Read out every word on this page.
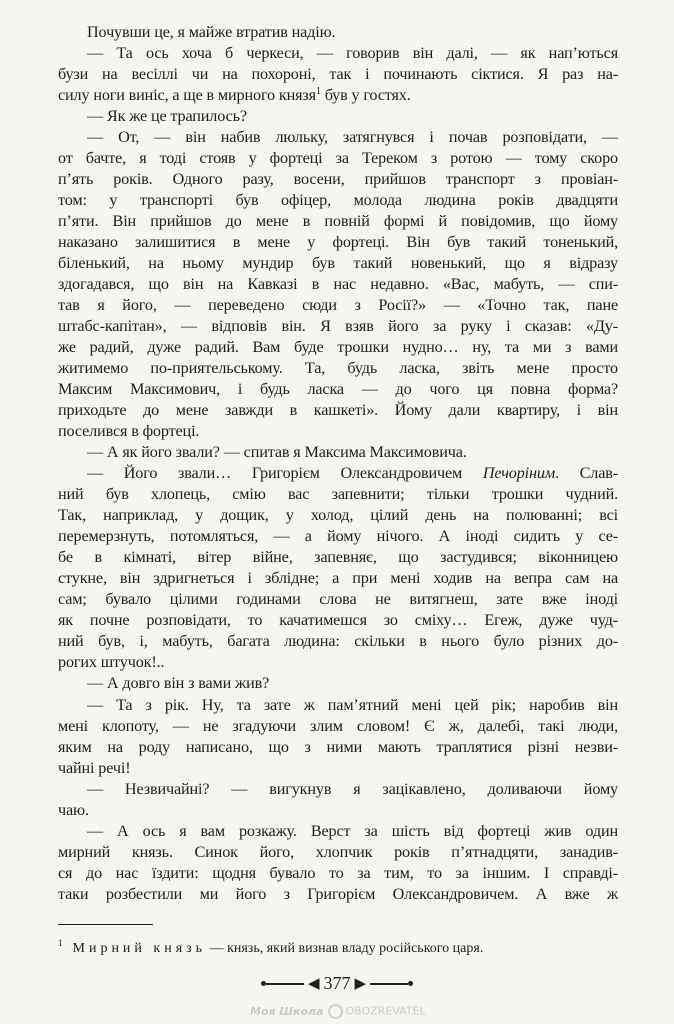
Моя Школа OBOZREVATEL
Почувши це, я майже втратив надію.
— Та ось хоча б черкеси, — говорив він далі, — як нап’ються
бузи на весіллі чи на похороні, так і починають сіктися. Я раз на-
силу ноги виніс, а ще в мирного князя$^1$ був у гостях.
— Як же це трапилось?
— От, — він набив люльку, затягнувся і почав розповідати, —
от бачте, я тоді стояв у фортеці за Тереком з ротою — тому скоро
п’ять років. Одного разу, восени, прийшов транспорт з провіан-
том: у транспорті був офіцер, молода людина років двадцяти
п’яти. Він прийшов до мене в повній формі й повідомив, що йому
наказано залишитися в мене у фортеці. Він був такий тоненький,
біленький, на ньому мундир був такий новенький, що я відразу
здогадався, що він на Кавказі в нас недавно. «Вас, мабуть, — спи-
тав я його, — переведено сюди з Росії?» — «Точно так, пане
штабс-капітан», — відповів він. Я взяв його за руку і сказав: «Ду-
же радий, дуже радий. Вам буде трошки нудно… ну, та ми з вами
житимемо по-приятельському. Та, будь ласка, звіть мене просто
Максим Максимович, і будь ласка — до чого ця повна форма?
приходьте до мене завжди в кашкеті». Йому дали квартиру, і він
поселився в фортеці.
— А як його звали? — спитав я Максима Максимовича.
— Його звали… Григорієм Олександровичем Печоріним. Слав-
ний був хлопець, смію вас запевнити; тільки трошки чудний.
Так, наприклад, у дощик, у холод, цілий день на полюванні; всі
перемерзнуть, потомляться, — а йому нічого. А іноді сидить у се-
бе в кімнаті, вітер війне, запевняє, що застудився; віконницею
стукне, він здригнеться і зблідне; а при мені ходив на вепра сам на
сам; бувало цілими годинами слова не витягнеш, зате вже іноді
як почне розповідати, то качатимешся зо сміху… Егеж, дуже чуд-
ний був, і, мабуть, багата людина: скільки в нього було різних до-
рогих штучок!..
— А довго він з вами жив?
— Та з рік. Ну, та зате ж пам’ятний мені цей рік; наробив він
мені клопоту, — не згадуючи злим словом! Є ж, далебі, такі люди,
яким на роду написано, що з ними мають траплятися різні незви-
чайні речі!
— Незвичайні? — вигукнув я зацікавлено, доливаючи йому
чаю.
— А ось я вам розкажу. Верст за шість від фортеці жив один
мирний князь. Синок його, хлопчик років п’ятнадцяти, занадив-
ся до нас їздити: щодня бувало то за тим, то за іншим. І справді-
таки розбестили ми його з Григорієм Олександровичем. А вже ж
$^1$ Мирний князь — князь, який визнав владу російського царя.
◀ 377 ▶
